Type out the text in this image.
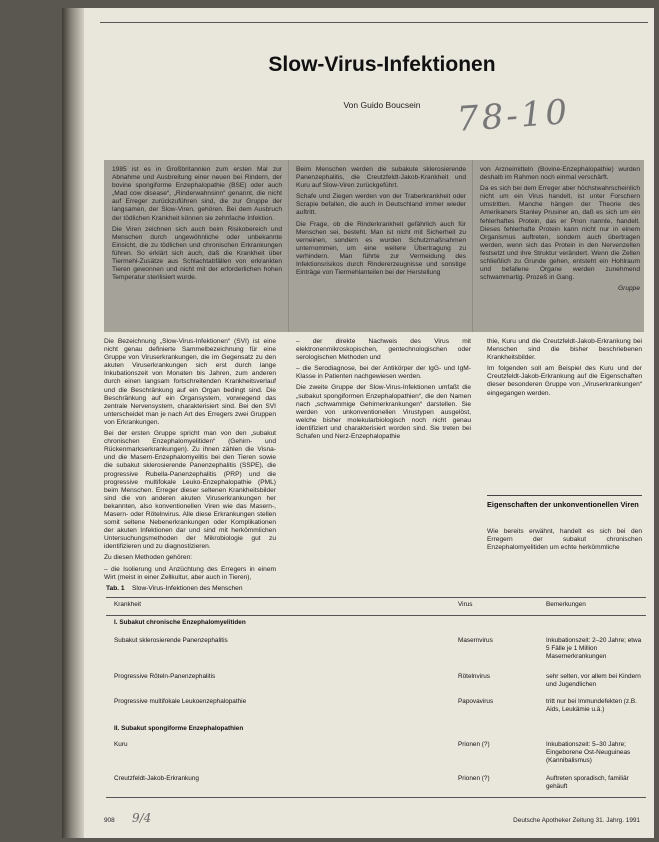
Slow-Virus-Infektionen
Von Guido Boucsein	78-10

1985 ist es in Großbritannien zum ersten Mal zur Abnahme und Ausbreitung einer neuen bei Rindern, der bovine spongiforme Enzephalopathie (BSE) oder auch „Mad cow disease“, „Rinderwahnsinn“ genannt, die nicht auf Erreger zurückzuführen sind, die zur Gruppe der langsamen, der Slow-Viren, gehören. Bei dem Ausbruch der tödlichen Krankheit können sie zehnfache Infektion.

Die Viren zeichnen sich auch beim Risikobereich und Menschen durch ungewöhnliche oder unbekannte Einsicht, die zu tödlichen und chronischen Erkrankungen führen. So erklärt sich auch, daß die Krankheit über Tiermehl-Zusätze aus Schlachtabfällen von erkrankten Tieren gewonnen und nicht mit der erforderlichen hohen Temperatur sterilisiert wurde.

Beim Menschen werden die subakute sklerosierende Panenzephalitis, die Creutzfeldt-Jakob-Krankheit und Kuru auf Slow-Viren zurückgeführt.

Schafe und Ziegen werden von der Traberkrankheit oder Scrapie befallen, die auch in Deutschland immer wieder auftritt.

Die Frage, ob die Rinderkrankheit gefährlich auch für Menschen sei, besteht. Man ist nicht mit Sicherheit zu verneinen, sondern es wurden Schutzmaßnahmen unternommen, um eine weitere Übertragung zu verhindern. Man führte zur Vermeidung des Infektionsrisikos durch Rindererzeugnisse und sonstige Einträge von Tiermehlanteilen bei der Herstellung

von Arzneimitteln (Bovine-Enzephalopathie) wurden deshalb im Rahmen noch einmal verschärft.

Da es sich bei dem Erreger aber höchstwahrscheinlich nicht um ein Virus handelt, ist unter Forschern umstritten. Manche hängen der Theorie des Amerikaners Stanley Prusiner an, daß es sich um ein fehlerhaftes Protein, das er Prion nannte, handelt. Dieses fehlerhafte Protein kann nicht nur in einem Organismus auftreten, sondern auch übertragen werden, wenn sich das Protein in den Nervenzellen festsetzt und ihre Struktur verändert. Wenn die Zellen schließlich zu Grunde gehen, entsteht ein Hohlraum und befallene Organe werden zunehmend schwammartig. Prozeß in Gang.

Gruppe

Die Bezeichnung „Slow-Virus-Infektionen“ (SVI) ist eine nicht genau definierte Sammelbezeichnung für eine Gruppe von Viruserkrankungen, die im Gegensatz zu den akuten Viruserkrankungen sich erst durch lange Inkubationszeit von Monaten bis Jahren, zum anderen durch einen langsam fortschreitenden Krankheitsverlauf und die Beschränkung auf ein Organ bedingt sind. Die Beschränkung auf ein Organsystem, vorwiegend das zentrale Nervensystem, charakterisiert sind. Bei den SVI unterscheidet man je nach Art des Erregers zwei Gruppen von Erkrankungen.

Bei der ersten Gruppe spricht man von den „subakut chronischen Enzephalomyelitiden“ (Gehirn- und Rückenmarkserkrankungen). Zu ihnen zählen die Visna- und die Masern-Enzephalomyelitis bei den Tieren sowie die subakut sklerosierende Panenzephalitis (SSPE), die progressive Rubella-Panenzephalitis (PRP) und die progressive multifokale Leuko-Enzephalopathie (PML) beim Menschen. Erreger dieser seltenen Krankheitsbilder sind die von anderen akuten Viruserkrankungen her bekannten, also konventionellen Viren wie das Masern-, Masern- oder Rötelnvirus. Alle diese Erkrankungen stellen somit seltene Nebenerkrankungen oder Komplikationen der akuten Infektionen dar und sind mit herkömmlichen Untersuchungsmethoden der Mikrobiologie gut zu identifizieren und zu diagnostizieren.

Zu diesen Methoden gehören:

– die Isolierung und Anzüchtung des Erregers in einem Wirt (meist in einer Zellkultur, aber auch in Tieren),

– der direkte Nachweis des Virus mit elektronenmikroskopischen, gentechnologischen oder serologischen Methoden und

– die Serodiagnose, bei der Antikörper der IgG- und IgM-Klasse in Patienten nachgewiesen werden.

Die zweite Gruppe der Slow-Virus-Infektionen umfaßt die „subakut spongiformen Enzephalopathien“, die den Namen nach „schwammige Gehirnerkrankungen“ darstellen. Sie werden von unkonventionellen Virustypen ausgelöst, welche bisher molekularbiologisch noch nicht genau identifiziert und charakterisiert worden sind. Sie treten bei Schafen und Nerz-Enzephalopathie

thie, Kuru und die Creutzfeldt-Jakob-Erkrankung bei Menschen sind die bisher beschriebenen Krankheitsbilder.

Im folgenden soll am Beispiel des Kuru und der Creutzfeldt-Jakob-Erkrankung auf die Eigenschaften dieser besonderen Gruppe von „Viruserkrankungen“ eingegangen werden.

Eigenschaften der unkonventionellen Viren

Wie bereits erwähnt, handelt es sich bei den Erregern der subakut chronischen Enzephalomyelitiden um echte herkömmliche

Tab. 1 Slow-Virus-Infektionen des Menschen
Krankheit	Virus	Bemerkungen
I. Subakut chronische Enzephalomyelitiden
Subakut sklerosierende Panenzephalitis	Masernvirus	Inkubationszeit: 2–20 Jahre; etwa 5 Fälle je 1 Million Masernerkrankungen
Progressive Röteln-Panenzephalitis	Rötelnvirus	sehr selten, vor allem bei Kindern und Jugendlichen
Progressive multifokale Leukoenzephalopathie	Papovavirus	tritt nur bei Immundefekten (z.B. Aids, Leukämie u.ä.)
II. Subakut spongiforme Enzephalopathien
Kuru	Prionen (?)	Inkubationszeit: 5–30 Jahre; Eingeborene Ost-Neuguineas (Kannibalismus)
Creutzfeldt-Jakob-Erkrankung	Prionen (?)	Auftreten sporadisch, familiär gehäuft
908 9/4	Deutsche Apotheker Zeitung 31. Jahrg. 1991
